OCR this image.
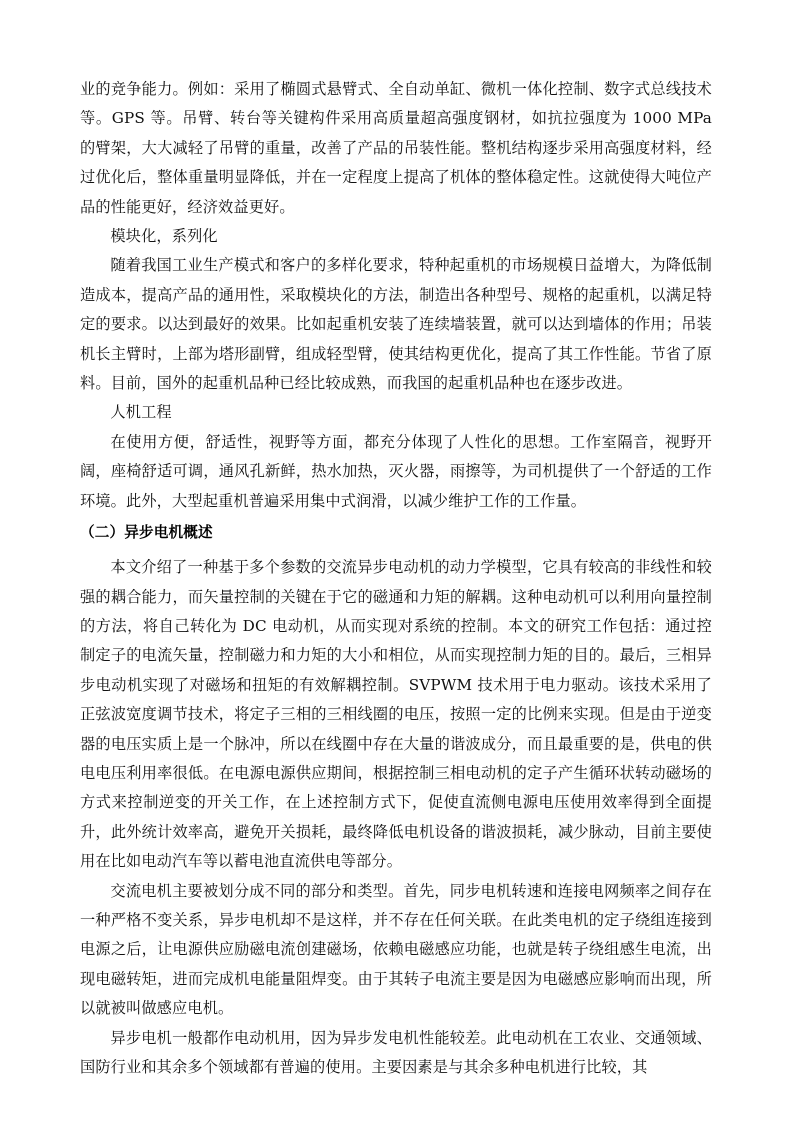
业的竞争能力。例如：采用了椭圆式悬臂式、全自动单缸、微机一体化控制、数字式总线技术等。GPS 等。吊臂、转台等关键构件采用高质量超高强度钢材，如抗拉强度为 1000 MPa 的臂架，大大减轻了吊臂的重量，改善了产品的吊装性能。整机结构逐步采用高强度材料，经过优化后，整体重量明显降低，并在一定程度上提高了机体的整体稳定性。这就使得大吨位产品的性能更好，经济效益更好。

模块化，系列化

随着我国工业生产模式和客户的多样化要求，特种起重机的市场规模日益增大，为降低制造成本，提高产品的通用性，采取模块化的方法，制造出各种型号、规格的起重机，以满足特定的要求。以达到最好的效果。比如起重机安装了连续墙装置，就可以达到墙体的作用；吊装机长主臂时，上部为塔形副臂，组成轻型臂，使其结构更优化，提高了其工作性能。节省了原料。目前，国外的起重机品种已经比较成熟，而我国的起重机品种也在逐步改进。

人机工程

在使用方便，舒适性，视野等方面，都充分体现了人性化的思想。工作室隔音，视野开阔，座椅舒适可调，通风孔新鲜，热水加热，灭火器，雨擦等，为司机提供了一个舒适的工作环境。此外，大型起重机普遍采用集中式润滑，以减少维护工作的工作量。

（二）异步电机概述

本文介绍了一种基于多个参数的交流异步电动机的动力学模型，它具有较高的非线性和较强的耦合能力，而矢量控制的关键在于它的磁通和力矩的解耦。这种电动机可以利用向量控制的方法，将自己转化为 DC 电动机，从而实现对系统的控制。本文的研究工作包括：通过控制定子的电流矢量，控制磁力和力矩的大小和相位，从而实现控制力矩的目的。最后，三相异步电动机实现了对磁场和扭矩的有效解耦控制。SVPWM 技术用于电力驱动。该技术采用了正弦波宽度调节技术，将定子三相的三相线圈的电压，按照一定的比例来实现。但是由于逆变器的电压实质上是一个脉冲，所以在线圈中存在大量的谐波成分，而且最重要的是，供电的供电电压利用率很低。在电源电源供应期间，根据控制三相电动机的定子产生循环状转动磁场的方式来控制逆变的开关工作，在上述控制方式下，促使直流侧电源电压使用效率得到全面提升，此外统计效率高，避免开关损耗，最终降低电机设备的谐波损耗，减少脉动，目前主要使用在比如电动汽车等以蓄电池直流供电等部分。

交流电机主要被划分成不同的部分和类型。首先，同步电机转速和连接电网频率之间存在一种严格不变关系，异步电机却不是这样，并不存在任何关联。在此类电机的定子绕组连接到电源之后，让电源供应励磁电流创建磁场，依赖电磁感应功能，也就是转子绕组感生电流，出现电磁转矩，进而完成机电能量阻焊变。由于其转子电流主要是因为电磁感应影响而出现，所以就被叫做感应电机。

异步电机一般都作电动机用，因为异步发电机性能较差。此电动机在工农业、交通领域、国防行业和其余多个领域都有普遍的使用。主要因素是与其余多种电机进行比较，其
